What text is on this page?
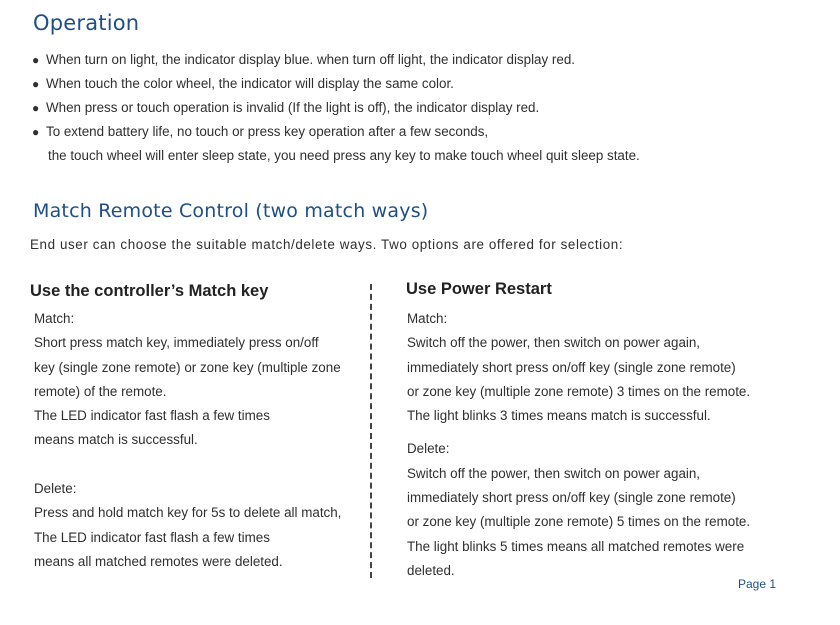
Operation
● When turn on light, the indicator display blue. when turn off light, the indicator display red.
● When touch the color wheel, the indicator will display the same color.
● When press or touch operation is invalid (If the light is off), the indicator display red.
● To extend battery life, no touch or press key operation after a few seconds,
the touch wheel will enter sleep state, you need press any key to make touch wheel quit sleep state.
Match Remote Control (two match ways)

End user can choose the suitable match/delete ways. Two options are offered for selection:

Use the controller’s Match key
Match:
Short press match key, immediately press on/off
key (single zone remote) or zone key (multiple zone
remote) of the remote.
The LED indicator fast flash a few times
means match is successful.
Delete:
Press and hold match key for 5s to delete all match,
The LED indicator fast flash a few times
means all matched remotes were deleted.
Use Power Restart
Match:
Switch off the power, then switch on power again,
immediately short press on/off key (single zone remote)
or zone key (multiple zone remote) 3 times on the remote.
The light blinks 3 times means match is successful.
Delete:
Switch off the power, then switch on power again,
immediately short press on/off key (single zone remote)
or zone key (multiple zone remote) 5 times on the remote.
The light blinks 5 times means all matched remotes were
deleted.
Page 1
